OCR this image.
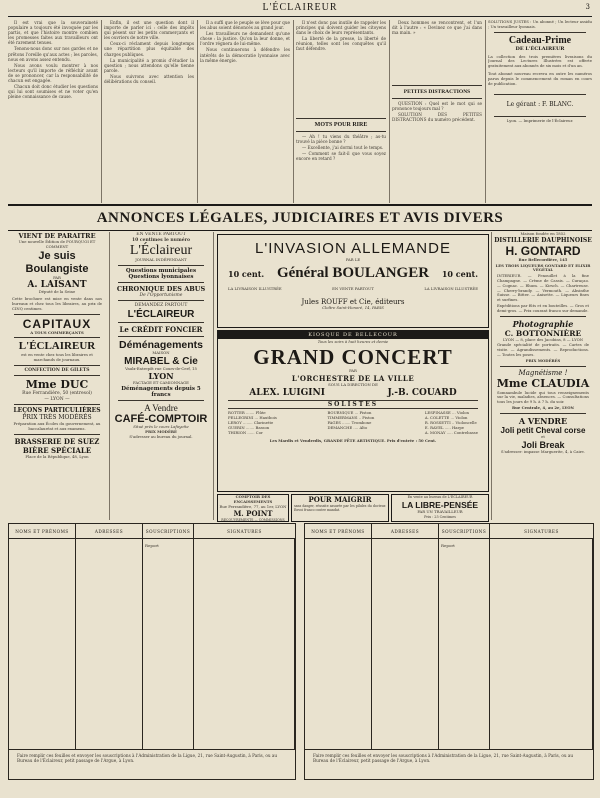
L'ÉCLAIREUR	3

Il est vrai que la souveraineté populaire a toujours été invoquée par les partis, et que l'histoire montre combien les promesses faites aux travailleurs ont été rarement tenues.

Tenons-nous donc sur nos gardes et ne prêtons l'oreille qu'aux actes ; les paroles, nous en avons assez entendu.

Nous avons voulu montrer à nos lecteurs qu'il importe de réfléchir avant de se prononcer, car la responsabilité de chacun est engagée.

Chacun doit donc étudier les questions qui lui sont soumises et ne voter qu'en pleine connaissance de cause.

Enfin, il est une question dont il importe de parler ici : celle des impôts qui pèsent sur les petits commerçants et les ouvriers de notre ville.

Ceux-ci réclament depuis longtemps une répartition plus équitable des charges publiques.

La municipalité a promis d'étudier la question ; nous attendons qu'elle tienne parole.

Nous suivrons avec attention les délibérations du conseil.

Il a suffi que le peuple se lève pour que les abus soient dénoncés au grand jour.

Les travailleurs ne demandent qu'une chose : la justice. Qu'on la leur donne, et l'ordre régnera de lui-même.

Nous continuerons à défendre les intérêts de la démocratie lyonnaise avec la même énergie.

Il n'est donc pas inutile de rappeler les principes qui doivent guider les citoyens dans le choix de leurs représentants.

La liberté de la presse, la liberté de réunion, telles sont les conquêtes qu'il faut défendre.

MOTS POUR RIRE

— Ah ! tu viens du théâtre ; as-tu trouvé la pièce bonne ?

— Excellente, j'ai dormi tout le temps.

— Comment se fait-il que vous soyez encore en retard ?

Deux hommes se rencontrent, et l'un dit à l'autre : « Devinez ce que j'ai dans ma main. »

PETITES DISTRACTIONS

QUESTION : Quel est le mot qui se prononce toujours mal ?

SOLUTION DES PETITES DISTRACTIONS du numéro précédent.

SOLUTIONS JUSTES : Un abonné ; Un lecteur assidu ; Un travailleur lyonnais.
Cadeau-Prime
DE L'ÉCLAIREUR
La collection des trois premières livraisons du Journal des Lectures Illustrées est offerte gratuitement aux abonnés de six mois et d'un an.
Tout abonné nouveau recevra en outre les numéros parus depuis le commencement du roman en cours de publication.
Le gérant : F. BLANC.
Lyon. — Imprimerie de l'Éclaireur.
ANNONCES LÉGALES, JUDICIAIRES ET AVIS DIVERS
VIENT DE PARAITRE
Une nouvelle Édition de POURQUOI ET COMMENT
Je suis Boulangiste
PAR
A. LAISANT
Député de la Seine
Cette brochure est mise en vente dans nos bureaux et chez tous les libraires, au prix de CINQ centimes.
CAPITAUX
A TOUS COMMERÇANTS
L'ÉCLAIREUR
est en vente chez tous les libraires et marchands de journaux.
CONFECTION DE GILETS
Mme DUC
Rue Ferrandière, 50 (entresol)
— LYON —
LEÇONS PARTICULIÈRES
PRIX TRÈS MODÉRÉS
Préparation aux Écoles du gouvernement, au baccalauréat et aux examens.
BRASSERIE DE SUEZ
BIÈRE SPÉCIALE
Place de la République, 48, Lyon
EN VENTE PARTOUT
10 centimes le numéro
L'Éclaireur
JOURNAL INDÉPENDANT
Questions municipales Questions lyonnaises
CHRONIQUE DES ABUS
De l'Opportunisme
DEMANDEZ PARTOUT
L'ÉCLAIREUR
Le CRÉDIT FONCIER
Déménagements
MAISON
MIRABEL & Cie
Vaulx-Entrepôt rue Cours-de-Cerf, 15
LYON
FACTAGE ET CAMIONNAGE
Déménagements depuis 5 francs
A Vendre
CAFÉ-COMPTOIR
Situé près le cours Lafayette
PRIX MODÉRÉ
S'adresser au bureau du journal.
L'INVASION ALLEMANDE
PAR LE
10 cent. Général BOULANGER	10 cent.
LA LIVRAISON ILLUSTRÉE	EN VENTE PARTOUT	LA LIVRAISON ILLUSTRÉE
Jules ROUFF et Cie, éditeurs
Cloître Saint-Honoré, 14, PARIS
KIOSQUE DE BELLECOUR
Tous les soirs à huit heures et demie
GRAND CONCERT
PAR
L'ORCHESTRE DE LA VILLE
SOUS LA DIRECTION DE
ALEX. LUIGINI	J.-B. COUARD
SOLISTES
ROTTER ....... Flûte
PELLEGRINI ... Hautbois
LEROY ........ Clarinette
GUERIN ....... Basson
THIRION ...... Cor
BOURNIQUE ... Piston
TIMMERMANS .. Piston
PAGES ....... Trombone
DEMANCHE .... Alto
LESPINASSE ... Violon
A. COLETTE ... Violon
R. ROSSETTI .. Violoncelle
E. RAVEL ..... Harpe
A. MONAY ..... Contrebasse
Les Mardis et Vendredis, GRANDE FÊTE ARTISTIQUE. Prix d'entrée : 50 Cent.
COMPTOIR DES ENCAISSEMENTS
Rue Ferrandière, 77, au 1er, LYON
M. POINT
RECOUVREMENTS — COMMISSIONS
POUR MAIGRIR
sans danger, réussite assurée par les pilules du docteur. Envoi franco contre mandat.
En vente au bureau de L'ÉCLAIREUR
LA LIBRE-PENSÉE
PAR UN TRAVAILLEUR
Prix : 25 Centimes
Maison fondée en 1852
DISTILLERIE DAUPHINOISE
H. GONTARD
Rue Bellecordière, 145
LES TROIS LIQUEURS GONTARD ET ELIXIR VÉGÉTAL
INTERIEUR. — Fenouillet à la fine Champagne. — Crème de Cassis. — Curaçao. — Cognac. — Rhum. — Kirsch. — Chartreuse. — Cherry-brandy. — Vermouth. — Absinthe Suisse. — Bitter. — Anisette. — Liqueurs fines et surfines.
Expéditions par fûts et en bouteilles. — Gros et demi-gros. — Prix courant franco sur demande.
Photographie
C. BOTTONNIÈRE
LYON — 8, place des Jacobins, 8 — LYON
Grande spécialité de portraits. — Cartes de visite. — Agrandissements. — Reproductions. — Toutes les poses.
PRIX MODÉRÉS
Magnétisme !
Mme CLAUDIA
Somnambule lucide qui tous renseignements sur la vie, maladies, absences. — Consultations tous les jours de 9 h. à 7 h. du soir.
Rue Centrale, 4, au 2e, LYON
A VENDRE
Joli petit Cheval corse
et
Joli Break
S'adresser: impasse Marguerite, 4, à Caire.
NOMS ET PRÉNOMS	ADRESSES	SOUSCRIPTIONS	SIGNATURES
Report
Faire remplir ces feuilles et envoyer les souscriptions à l'Administration de la Ligue, 21, rue Saint-Augustin, à Paris, ou au Bureau de l'Éclaireur, petit passage de l'Argue, à Lyon.
NOMS ET PRÉNOMS	ADRESSES	SOUSCRIPTIONS	SIGNATURES
Report
Faire remplir ces feuilles et envoyer les souscriptions à l'Administration de la Ligue, 21, rue Saint-Augustin, à Paris, ou au Bureau de l'Éclaireur, petit passage de l'Argue, à Lyon.
